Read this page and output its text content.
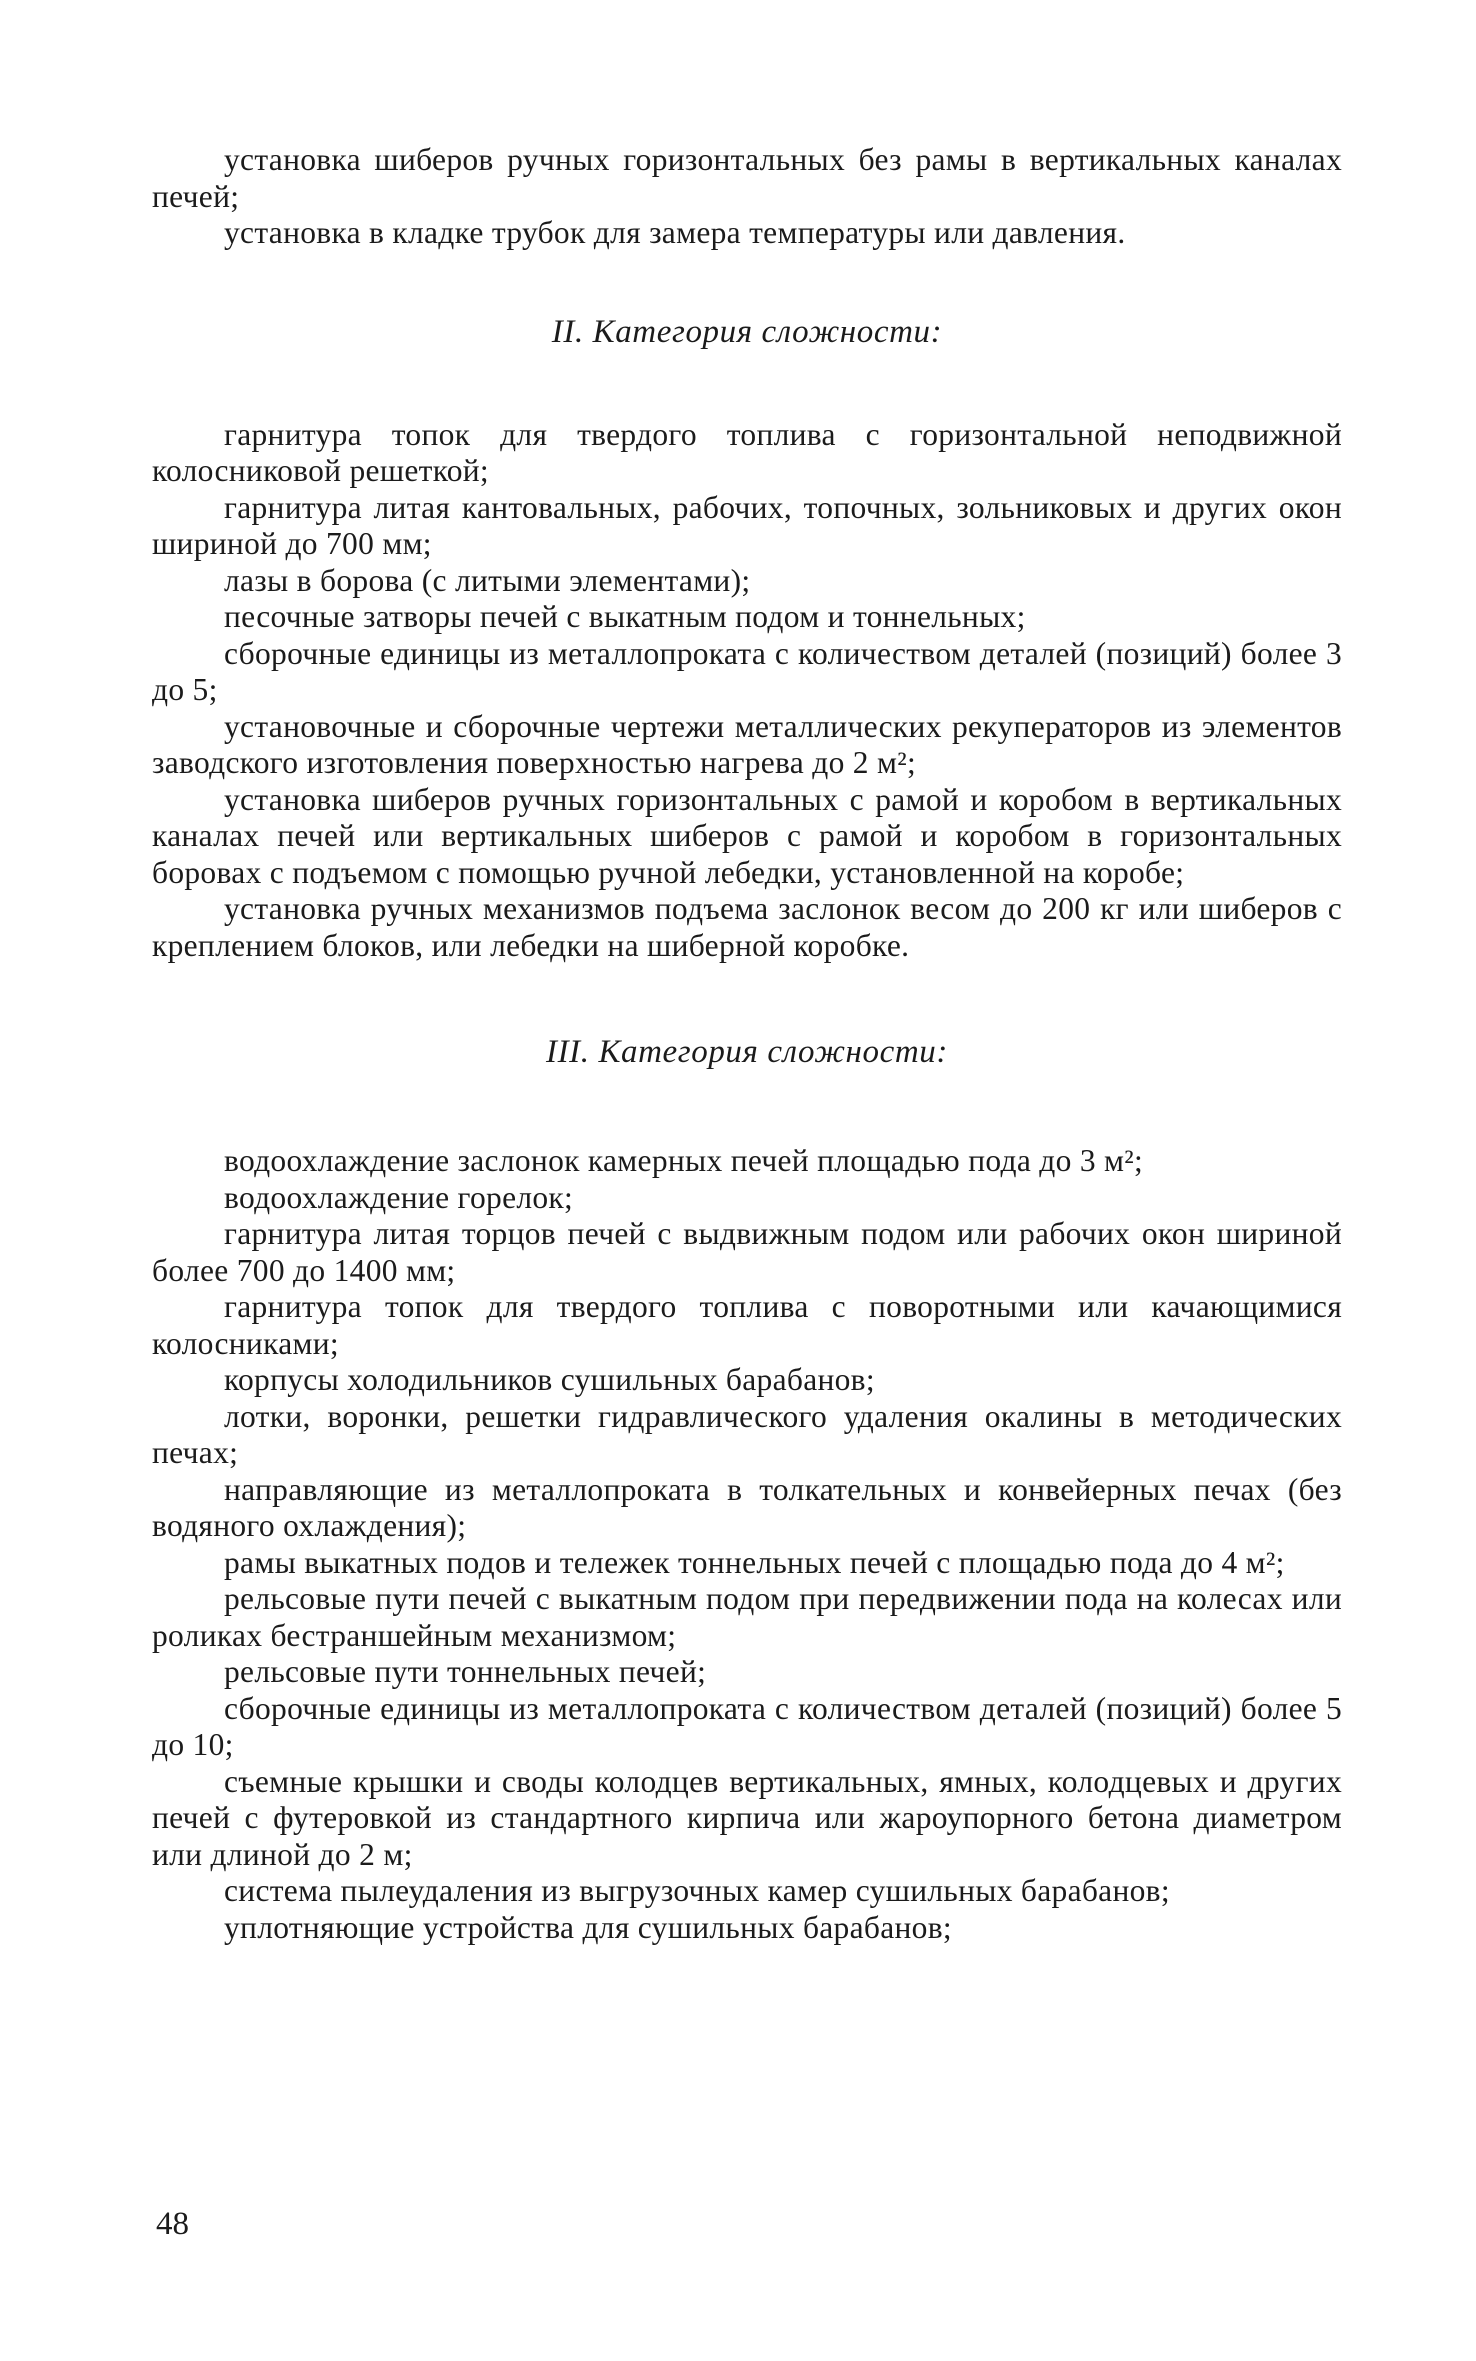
установка шиберов ручных горизонтальных без рамы в вертикальных каналах печей;

установка в кладке трубок для замера температуры или давления.

II. Категория сложности:

гарнитура топок для твердого топлива с горизонтальной неподвижной колосниковой решеткой;

гарнитура литая кантовальных, рабочих, топочных, зольниковых и других окон шириной до 700 мм;

лазы в борова (с литыми элементами);

песочные затворы печей с выкатным подом и тоннельных;

сборочные единицы из металлопроката с количеством деталей (позиций) более 3 до 5;

установочные и сборочные чертежи металлических рекуператоров из элементов заводского изготовления поверхностью нагрева до 2 м²;

установка шиберов ручных горизонтальных с рамой и коробом в вертикальных каналах печей или вертикальных шиберов с рамой и коробом в горизонтальных боровах с подъемом с помощью ручной лебедки, установленной на коробе;

установка ручных механизмов подъема заслонок весом до 200 кг или шиберов с креплением блоков, или лебедки на шиберной коробке.

III. Категория сложности:

водоохлаждение заслонок камерных печей площадью пода до 3 м²;

водоохлаждение горелок;

гарнитура литая торцов печей с выдвижным подом или рабочих окон шириной более 700 до 1400 мм;

гарнитура топок для твердого топлива с поворотными или качающимися колосниками;

корпусы холодильников сушильных барабанов;

лотки, воронки, решетки гидравлического удаления окалины в методических печах;

направляющие из металлопроката в толкательных и конвейерных печах (без водяного охлаждения);

рамы выкатных подов и тележек тоннельных печей с площадью пода до 4 м²;

рельсовые пути печей с выкатным подом при передвижении пода на колесах или роликах бестраншейным механизмом;

рельсовые пути тоннельных печей;

сборочные единицы из металлопроката с количеством деталей (позиций) более 5 до 10;

съемные крышки и своды колодцев вертикальных, ямных, колодцевых и других печей с футеровкой из стандартного кирпича или жароупорного бетона диаметром или длиной до 2 м;

система пылеудаления из выгрузочных камер сушильных барабанов;

уплотняющие устройства для сушильных барабанов;

48
